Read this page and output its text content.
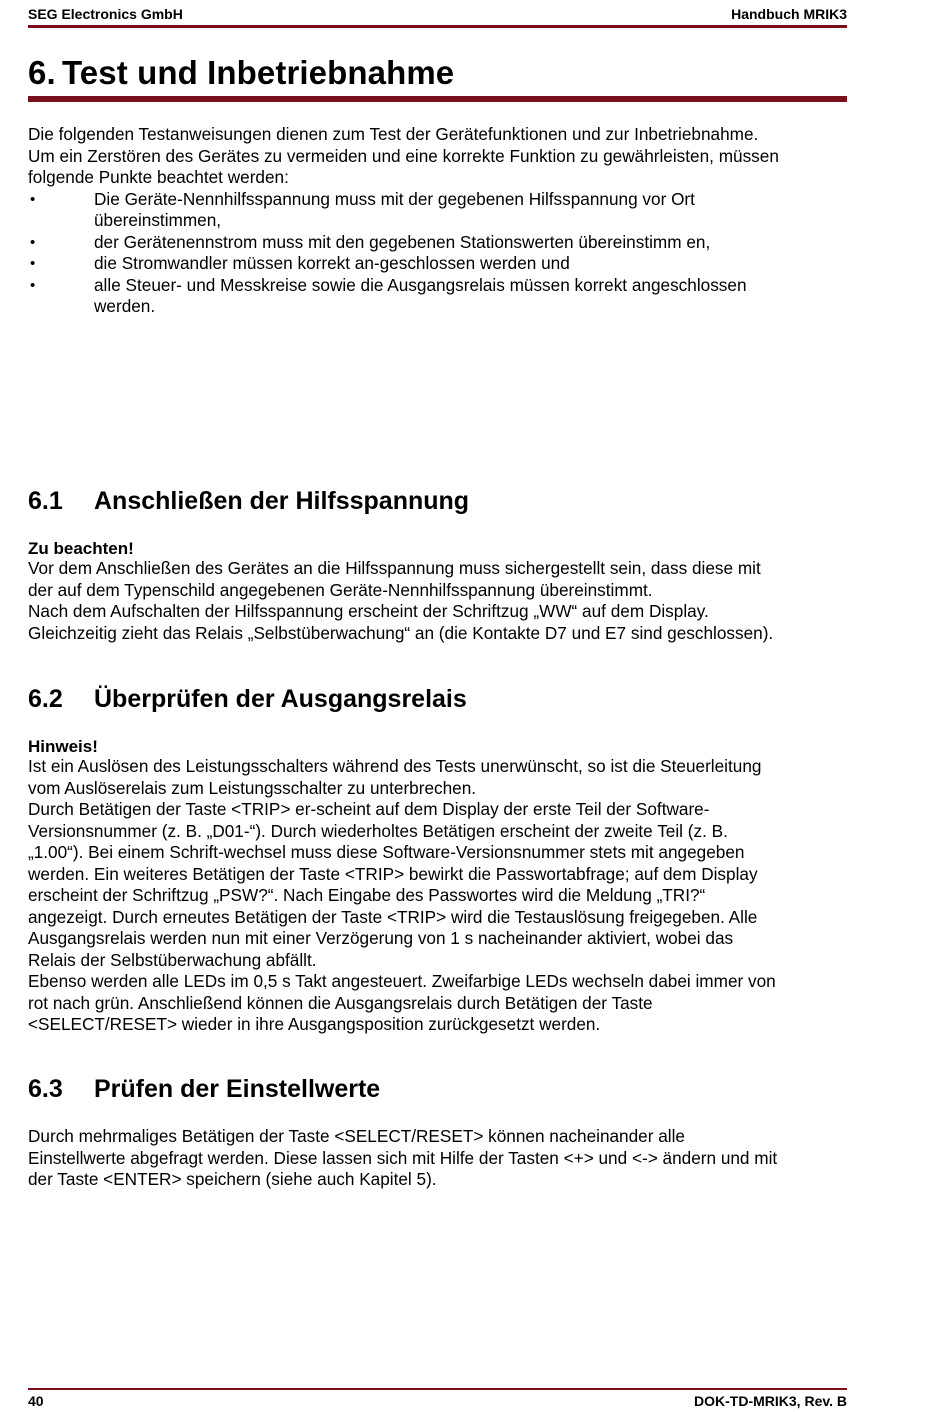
SEG Electronics GmbH	Handbuch MRIK3
6. Test und Inbetriebnahme

Die folgenden Testanweisungen dienen zum Test der Gerätefunktionen und zur Inbetriebnahme.
Um ein Zerstören des Gerätes zu vermeiden und eine korrekte Funktion zu gewährleisten, müssen
folgende Punkte beachtet werden:

•	Die Geräte-Nennhilfsspannung muss mit der gegebenen Hilfsspannung vor Ort
übereinstimmen,
•	der Gerätenennstrom muss mit den gegebenen Stationswerten übereinstimm en,
•	die Stromwandler müssen korrekt an-geschlossen werden und
•	alle Steuer- und Messkreise sowie die Ausgangsrelais müssen korrekt angeschlossen
werden.
6.1 Anschließen der Hilfsspannung
Zu beachten!

Vor dem Anschließen des Gerätes an die Hilfsspannung muss sichergestellt sein, dass diese mit
der auf dem Typenschild angegebenen Geräte-Nennhilfsspannung übereinstimmt.
Nach dem Aufschalten der Hilfsspannung erscheint der Schriftzug „WW“ auf dem Display.
Gleichzeitig zieht das Relais „Selbstüberwachung“ an (die Kontakte D7 und E7 sind geschlossen).

6.2 Überprüfen der Ausgangsrelais
Hinweis!

Ist ein Auslösen des Leistungsschalters während des Tests unerwünscht, so ist die Steuerleitung
vom Auslöserelais zum Leistungsschalter zu unterbrechen.
Durch Betätigen der Taste <TRIP> er-scheint auf dem Display der erste Teil der Software-
Versionsnummer (z. B. „D01-“). Durch wiederholtes Betätigen erscheint der zweite Teil (z. B.
„1.00“). Bei einem Schrift-wechsel muss diese Software-Versionsnummer stets mit angegeben
werden. Ein weiteres Betätigen der Taste <TRIP> bewirkt die Passwortabfrage; auf dem Display
erscheint der Schriftzug „PSW?“. Nach Eingabe des Passwortes wird die Meldung „TRI?“
angezeigt. Durch erneutes Betätigen der Taste <TRIP> wird die Testauslösung freigegeben. Alle
Ausgangsrelais werden nun mit einer Verzögerung von 1 s nacheinander aktiviert, wobei das
Relais der Selbstüberwachung abfällt.
Ebenso werden alle LEDs im 0,5 s Takt angesteuert. Zweifarbige LEDs wechseln dabei immer von
rot nach grün. Anschließend können die Ausgangsrelais durch Betätigen der Taste
<SELECT/RESET> wieder in ihre Ausgangsposition zurückgesetzt werden.

6.3 Prüfen der Einstellwerte

Durch mehrmaliges Betätigen der Taste <SELECT/RESET> können nacheinander alle
Einstellwerte abgefragt werden. Diese lassen sich mit Hilfe der Tasten <+> und <-> ändern und mit
der Taste <ENTER> speichern (siehe auch Kapitel 5).

40	DOK-TD-MRIK3, Rev. B
